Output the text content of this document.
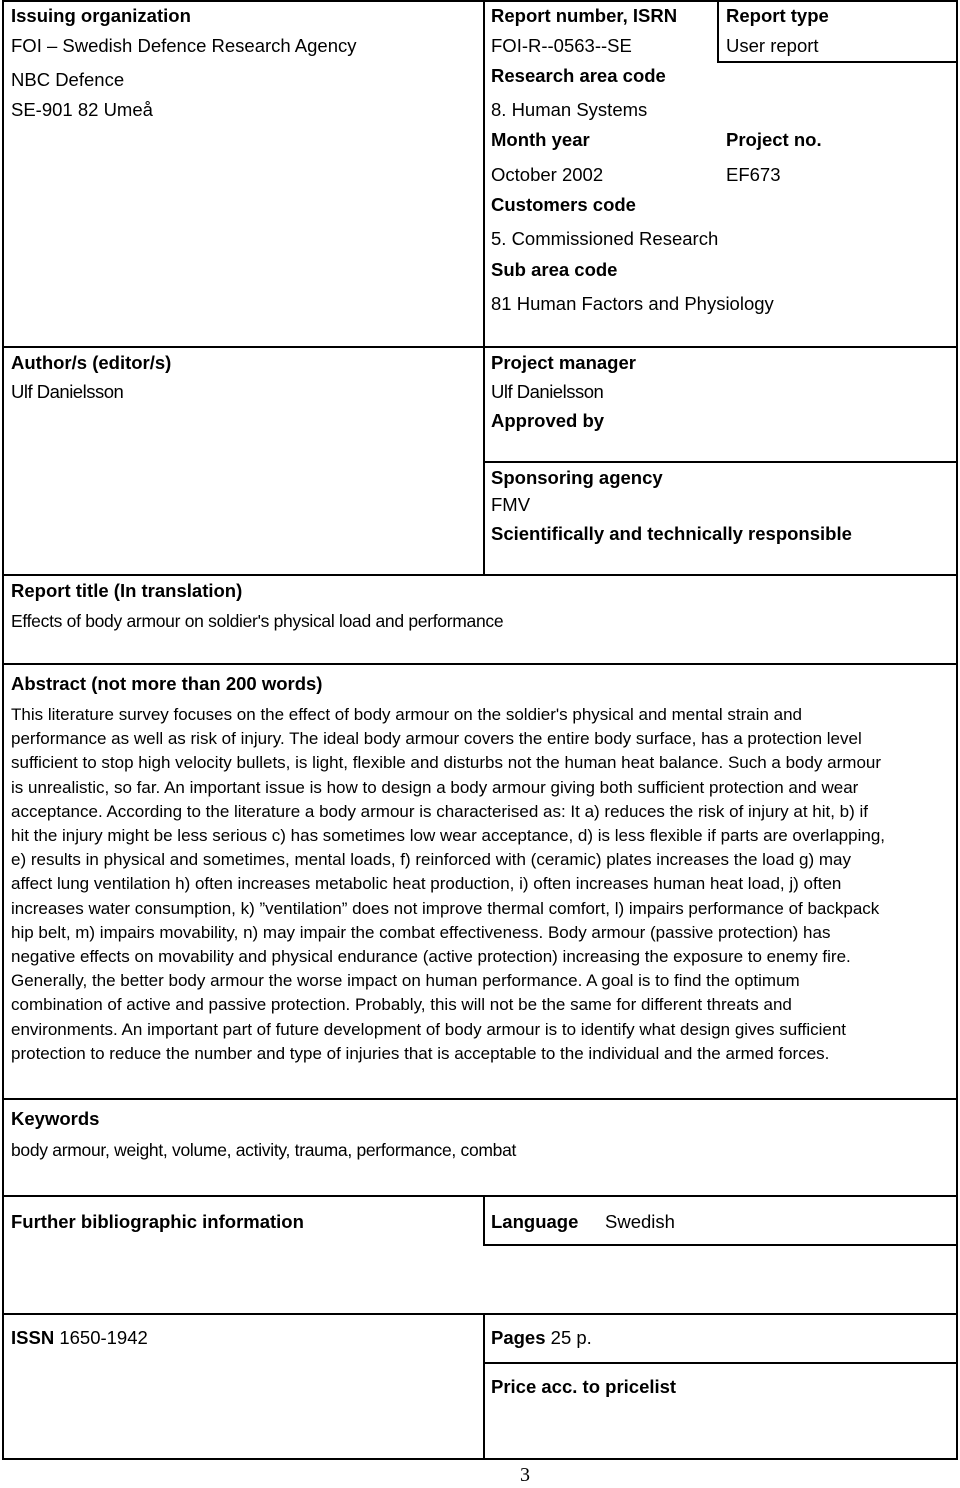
Issuing organization
FOI – Swedish Defence Research Agency
NBC Defence
SE-901 82 Umeå
Report number, ISRN
FOI-R--0563--SE
Research area code
8. Human Systems
Month year
October 2002
Customers code
5. Commissioned Research
Sub area code
81 Human Factors and Physiology
Report type
User report
Project no.
EF673
Author/s (editor/s)
Ulf Danielsson
Project manager
Ulf Danielsson
Approved by
Sponsoring agency
FMV
Scientifically and technically responsible
Report title (In translation)
Effects of body armour on soldier's physical load and performance
Abstract (not more than 200 words)
This literature survey focuses on the effect of body armour on the soldier's physical and mental strain and
performance as well as risk of injury. The ideal body armour covers the entire body surface, has a protection level
sufficient to stop high velocity bullets, is light, flexible and disturbs not the human heat balance. Such a body armour
is unrealistic, so far. An important issue is how to design a body armour giving both sufficient protection and wear
acceptance. According to the literature a body armour is characterised as: It a) reduces the risk of injury at hit, b) if
hit the injury might be less serious c) has sometimes low wear acceptance, d) is less flexible if parts are overlapping,
e) results in physical and sometimes, mental loads, f) reinforced with (ceramic) plates increases the load g) may
affect lung ventilation h) often increases metabolic heat production, i) often increases human heat load, j) often
increases water consumption, k) ”ventilation” does not improve thermal comfort, l) impairs performance of backpack
hip belt, m) impairs movability, n) may impair the combat effectiveness. Body armour (passive protection) has
negative effects on movability and physical endurance (active protection) increasing the exposure to enemy fire.
Generally, the better body armour the worse impact on human performance. A goal is to find the optimum
combination of active and passive protection. Probably, this will not be the same for different threats and
environments. An important part of future development of body armour is to identify what design gives sufficient
protection to reduce the number and type of injuries that is acceptable to the individual and the armed forces.
Keywords
body armour, weight, volume, activity, trauma, performance, combat
Further bibliographic information	Language Swedish
ISSN 1650-1942	Pages 25 p.
Price acc. to pricelist
3
